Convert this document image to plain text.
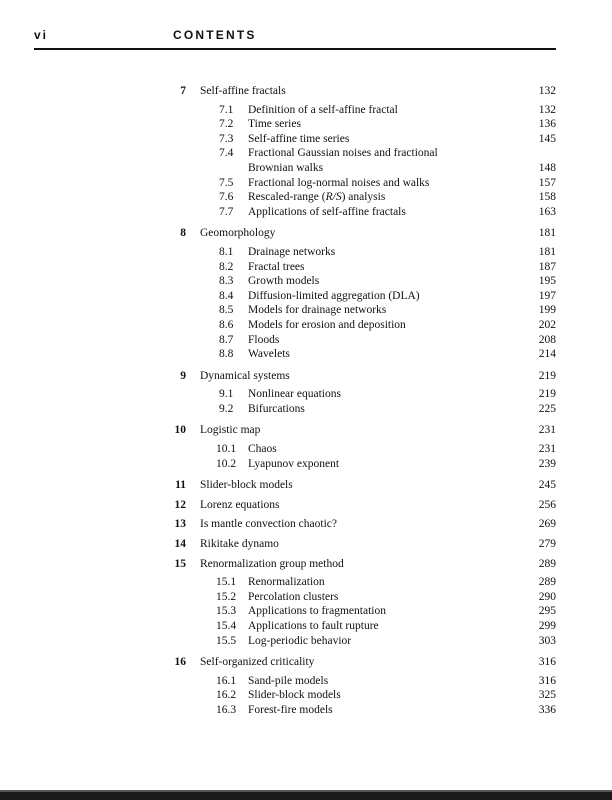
vi	CONTENTS
7 Self-affine fractals	132
7.1 Definition of a self-affine fractal	132
7.2 Time series	136
7.3 Self-affine time series	145
7.4 Fractional Gaussian noises and fractional
Brownian walks	148
7.5 Fractional log-normal noises and walks	157
7.6 Rescaled-range (R/S) analysis	158
7.7 Applications of self-affine fractals	163
8 Geomorphology	181
8.1 Drainage networks	181
8.2 Fractal trees	187
8.3 Growth models	195
8.4 Diffusion-limited aggregation (DLA)	197
8.5 Models for drainage networks	199
8.6 Models for erosion and deposition	202
8.7 Floods	208
8.8 Wavelets	214
9 Dynamical systems	219
9.1 Nonlinear equations	219
9.2 Bifurcations	225
10 Logistic map	231
10.1 Chaos	231
10.2 Lyapunov exponent	239
11 Slider-block models	245
12 Lorenz equations	256
13 Is mantle convection chaotic?	269
14 Rikitake dynamo	279
15 Renormalization group method	289
15.1 Renormalization	289
15.2 Percolation clusters	290
15.3 Applications to fragmentation	295
15.4 Applications to fault rupture	299
15.5 Log-periodic behavior	303
16 Self-organized criticality	316
16.1 Sand-pile models	316
16.2 Slider-block models	325
16.3 Forest-fire models	336
